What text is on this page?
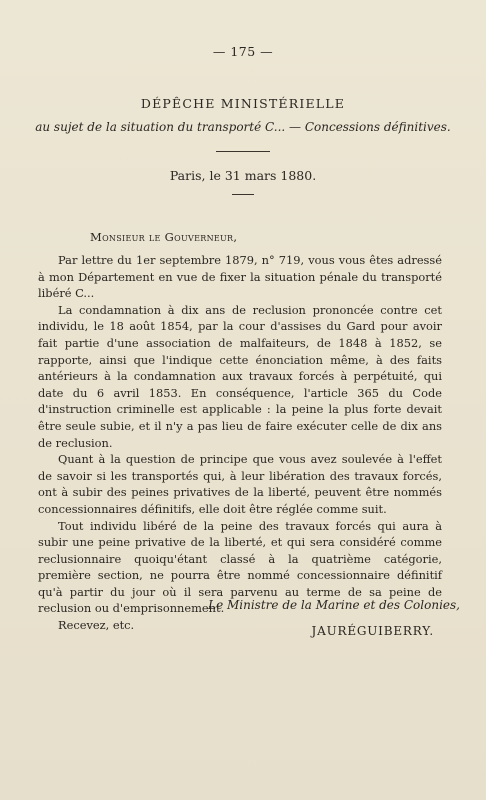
— 175 —
DÉPÊCHE MINISTÉRIELLE
au sujet de la situation du transporté C... — Concessions définitives.
Paris, le 31 mars 1880.
Monsieur le Gouverneur,

Par lettre du 1er septembre 1879, n° 719, vous vous êtes adressé à mon Département en vue de fixer la situation pénale du transporté libéré C...

La condamnation à dix ans de reclusion prononcée contre cet individu, le 18 août 1854, par la cour d'assises du Gard pour avoir fait partie d'une association de malfaiteurs, de 1848 à 1852, se rapporte, ainsi que l'indique cette énonciation même, à des faits antérieurs à la condamnation aux travaux forcés à perpétuité, qui date du 6 avril 1853. En conséquence, l'article 365 du Code d'instruction criminelle est applicable : la peine la plus forte devait être seule subie, et il n'y a pas lieu de faire exécuter celle de dix ans de reclusion.

Quant à la question de principe que vous avez soulevée à l'effet de savoir si les transportés qui, à leur libération des travaux forcés, ont à subir des peines privatives de la liberté, peuvent être nommés concessionnaires définitifs, elle doit être réglée comme suit.

Tout individu libéré de la peine des travaux forcés qui aura à subir une peine privative de la liberté, et qui sera considéré comme reclusionnaire quoiqu'étant classé à la quatrième catégorie, première section, ne pourra être nommé concessionnaire définitif qu'à partir du jour où il sera parvenu au terme de sa peine de reclusion ou d'emprisonnement.

Recevez, etc.

Le Ministre de la Marine et des Colonies,
JAURÉGUIBERRY.
